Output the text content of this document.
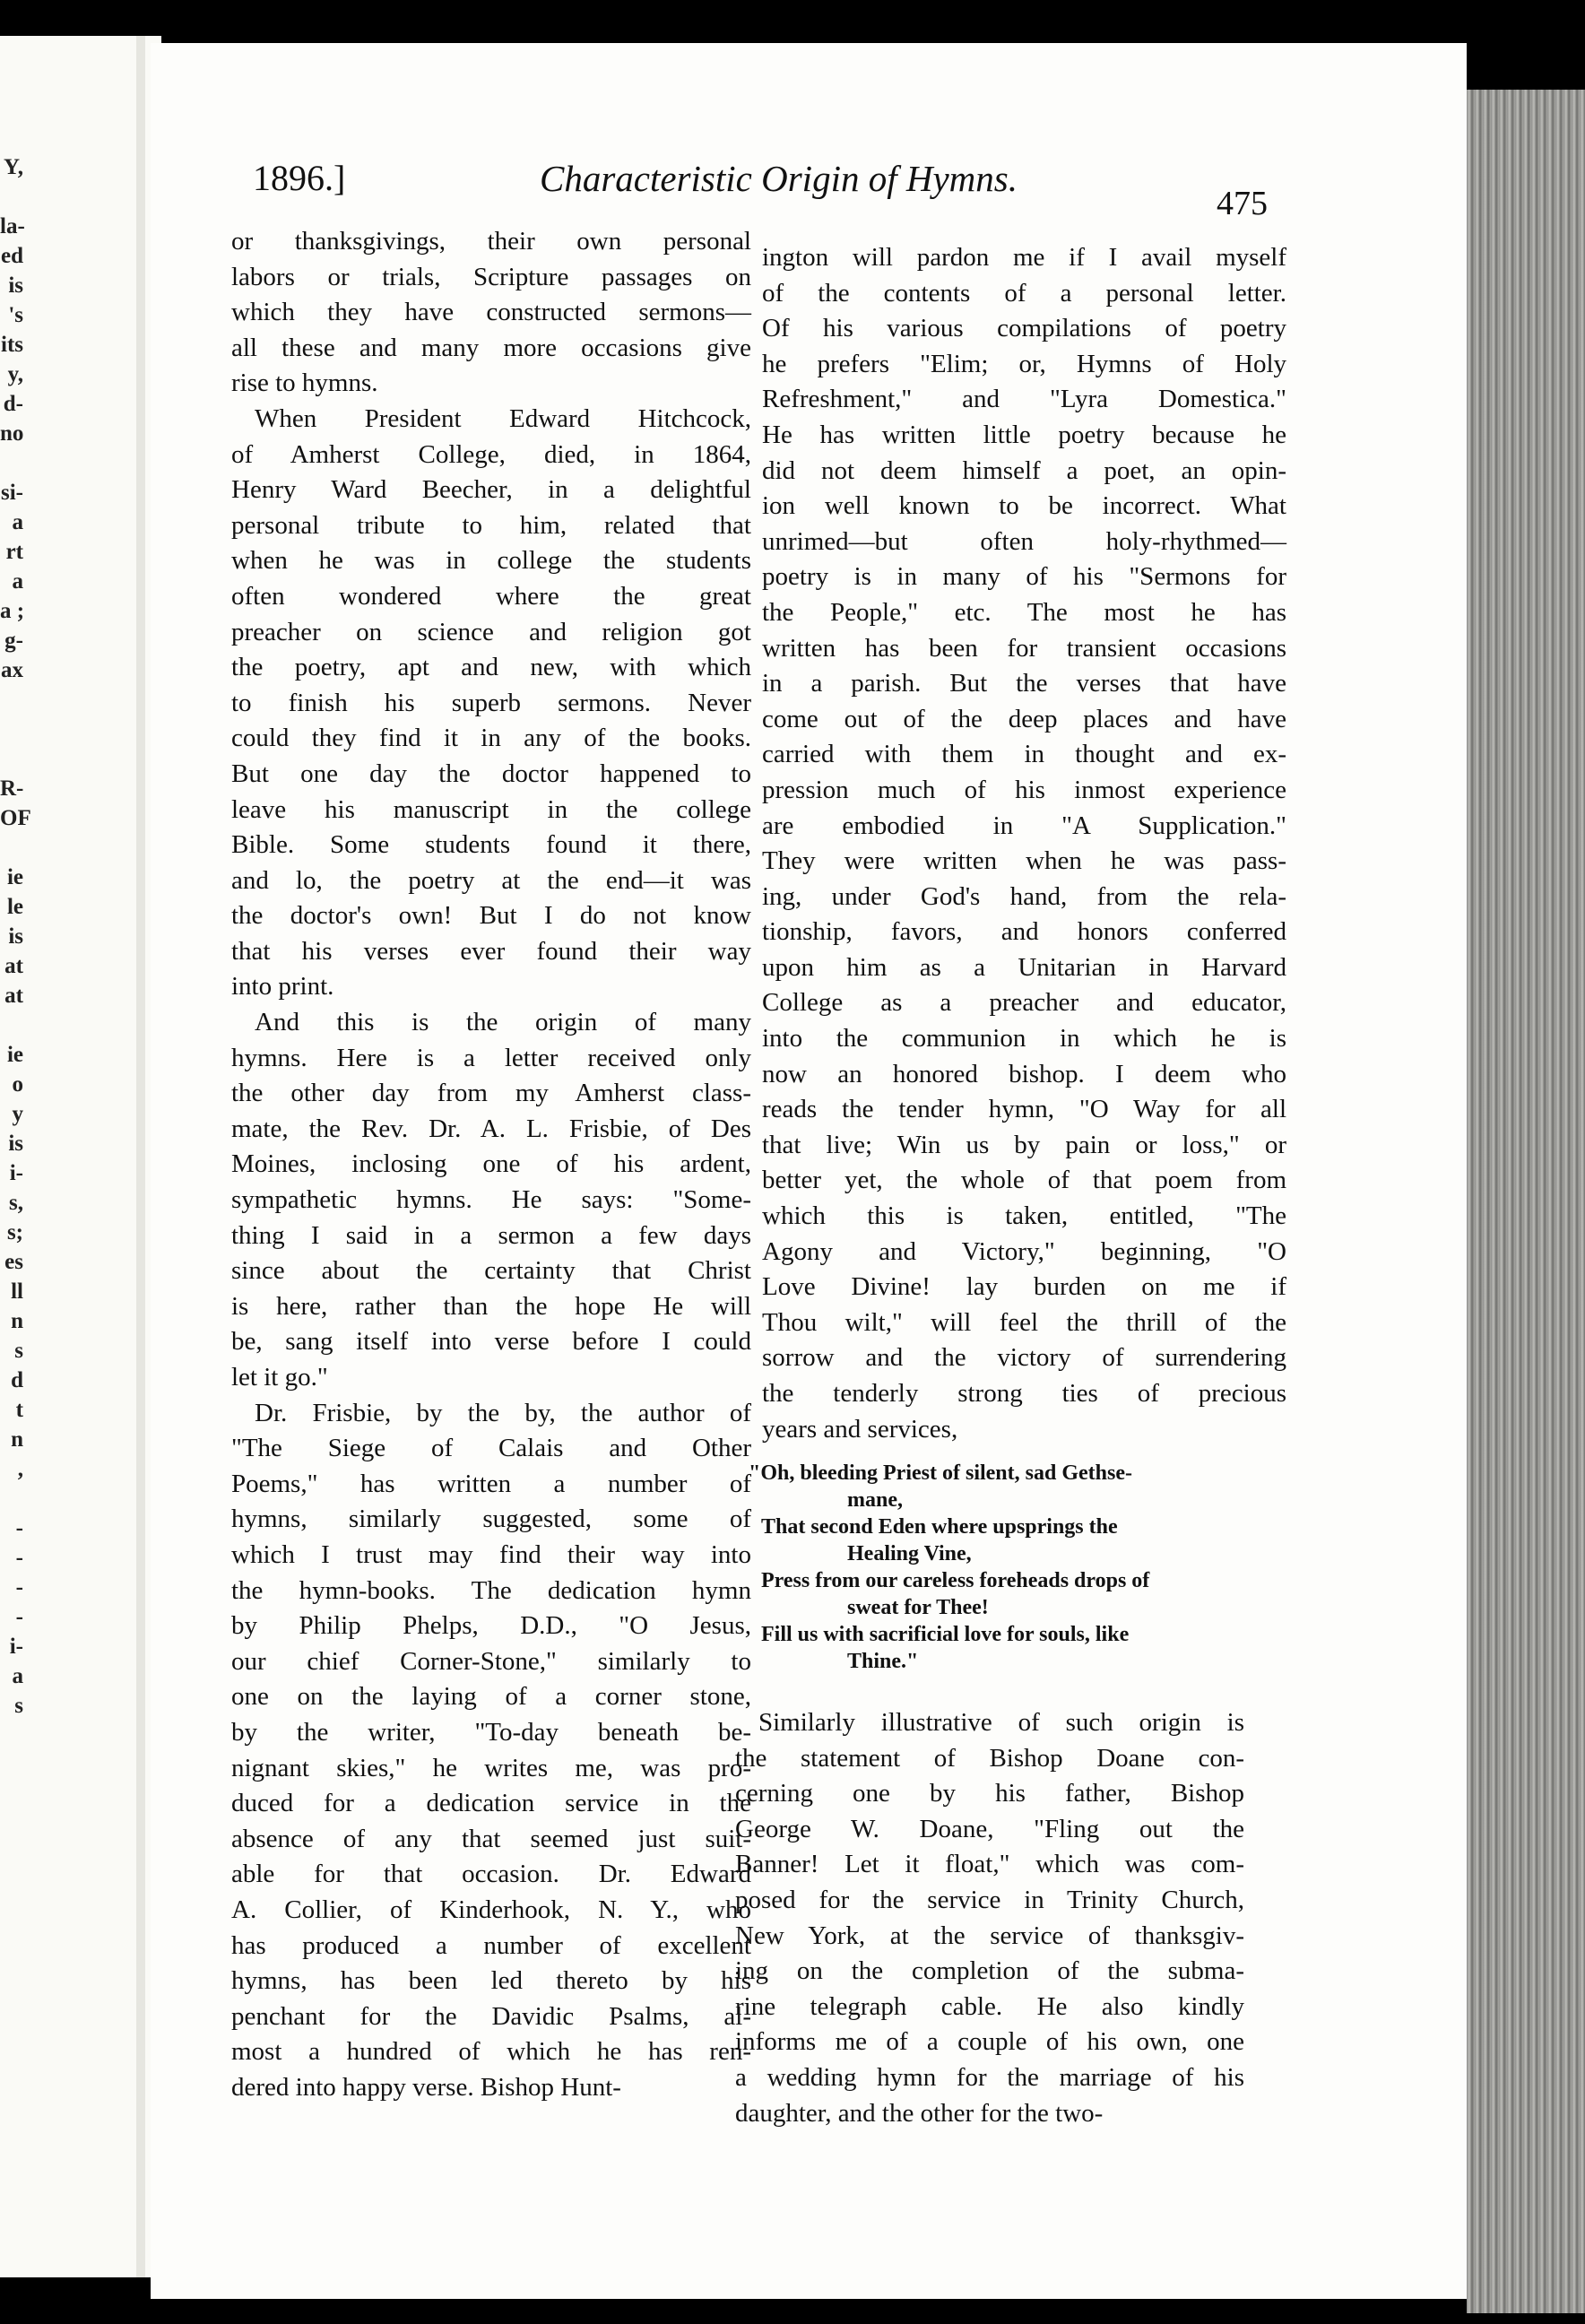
Y,
la-
ed
is
's
its
y,
d-
no
si-
a
rt
a
a ;
g-
ax
R-
OF
ie
le
is
at
at
ie
o
y
is
i-
s,
s;
es
ll
n
s
d
t
n
,
-
-
-
-
i-
a
s
1896.]	Characteristic Origin of Hymns.
475
or thanksgivings, their own personal
labors or trials, Scripture passages on
which they have constructed sermons—
all these and many more occasions give
rise to hymns.
When President Edward Hitchcock,
of Amherst College, died, in 1864,
Henry Ward Beecher, in a delightful
personal tribute to him, related that
when he was in college the students
often wondered where the great
preacher on science and religion got
the poetry, apt and new, with which
to finish his superb sermons. Never
could they find it in any of the books.
But one day the doctor happened to
leave his manuscript in the college
Bible. Some students found it there,
and lo, the poetry at the end—it was
the doctor's own! But I do not know
that his verses ever found their way
into print.
And this is the origin of many
hymns. Here is a letter received only
the other day from my Amherst class-
mate, the Rev. Dr. A. L. Frisbie, of Des
Moines, inclosing one of his ardent,
sympathetic hymns. He says: "Some-
thing I said in a sermon a few days
since about the certainty that Christ
is here, rather than the hope He will
be, sang itself into verse before I could
let it go."
Dr. Frisbie, by the by, the author of
"The Siege of Calais and Other
Poems," has written a number of
hymns, similarly suggested, some of
which I trust may find their way into
the hymn-books. The dedication hymn
by Philip Phelps, D.D., "O Jesus,
our chief Corner-Stone," similarly to
one on the laying of a corner stone,
by the writer, "To-day beneath be-
nignant skies," he writes me, was pro-
duced for a dedication service in the
absence of any that seemed just suit-
able for that occasion. Dr. Edward
A. Collier, of Kinderhook, N. Y., who
has produced a number of excellent
hymns, has been led thereto by his
penchant for the Davidic Psalms, al-
most a hundred of which he has ren-
dered into happy verse. Bishop Hunt-
ington will pardon me if I avail myself
of the contents of a personal letter.
Of his various compilations of poetry
he prefers "Elim; or, Hymns of Holy
Refreshment," and "Lyra Domestica."
He has written little poetry because he
did not deem himself a poet, an opin-
ion well known to be incorrect. What
unrimed—but often holy-rhythmed—
poetry is in many of his "Sermons for
the People," etc. The most he has
written has been for transient occasions
in a parish. But the verses that have
come out of the deep places and have
carried with them in thought and ex-
pression much of his inmost experience
are embodied in "A Supplication."
They were written when he was pass-
ing, under God's hand, from the rela-
tionship, favors, and honors conferred
upon him as a Unitarian in Harvard
College as a preacher and educator,
into the communion in which he is
now an honored bishop. I deem who
reads the tender hymn, "O Way for all
that live; Win us by pain or loss," or
better yet, the whole of that poem from
which this is taken, entitled, "The
Agony and Victory," beginning, "O
Love Divine! lay burden on me if
Thou wilt," will feel the thrill of the
sorrow and the victory of surrendering
the tenderly strong ties of precious
years and services,
"Oh, bleeding Priest of silent, sad Gethse-
mane,
That second Eden where upsprings the
Healing Vine,
Press from our careless foreheads drops of
sweat for Thee!
Fill us with sacrificial love for souls, like
Thine."
Similarly illustrative of such origin is
the statement of Bishop Doane con-
cerning one by his father, Bishop
George W. Doane, "Fling out the
Banner! Let it float," which was com-
posed for the service in Trinity Church,
New York, at the service of thanksgiv-
ing on the completion of the subma-
rine telegraph cable. He also kindly
informs me of a couple of his own, one
a wedding hymn for the marriage of his
daughter, and the other for the two-
